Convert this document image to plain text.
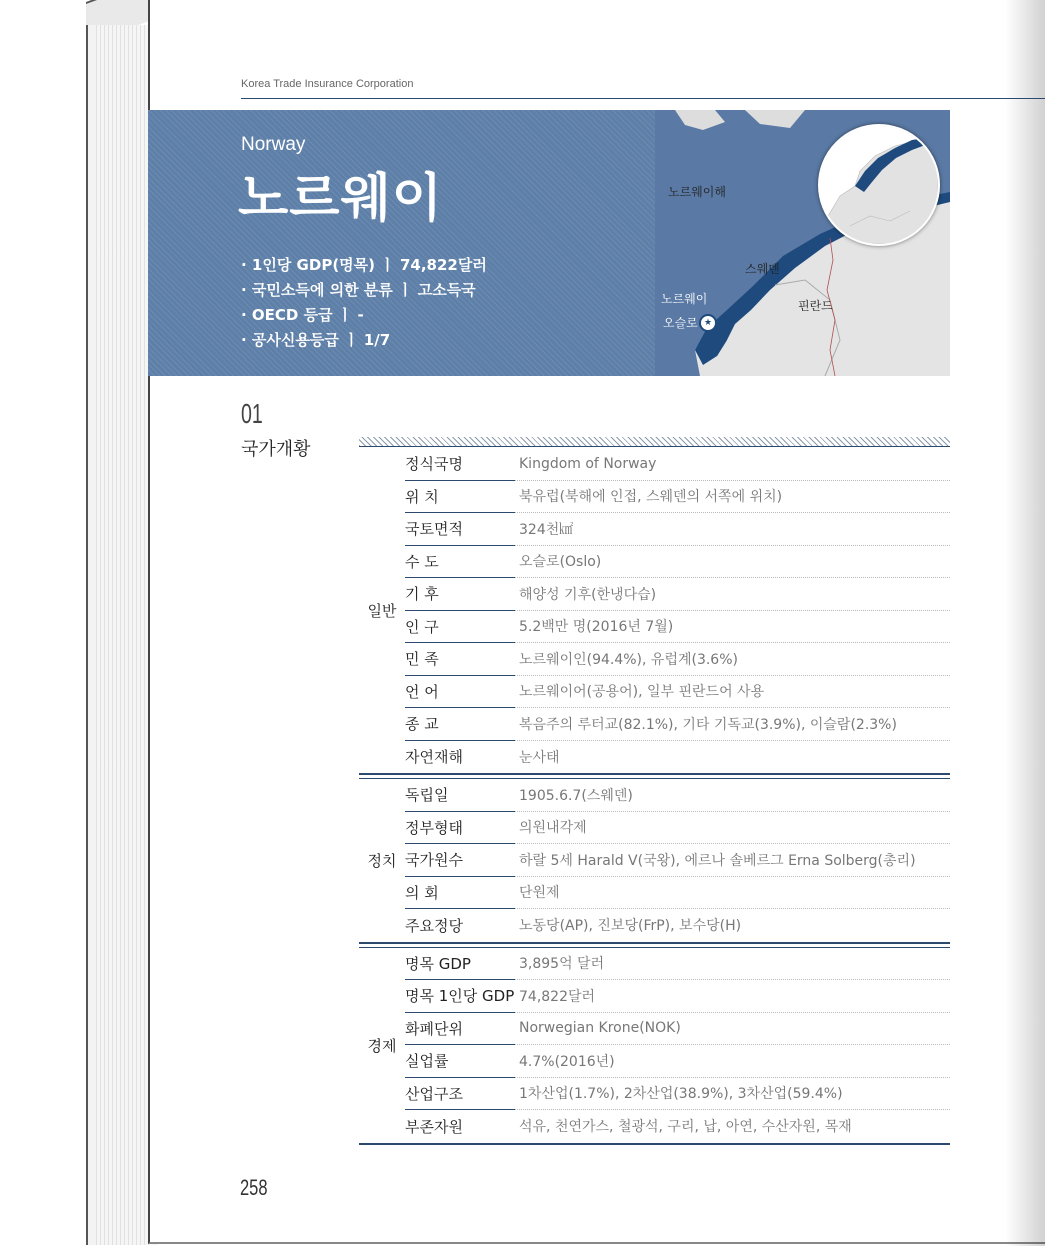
Korea Trade Insurance Corporation
Norway
노르웨이
· 1인당 GDP(명목) ㅣ 74,822달러
· 국민소득에 의한 분류 ㅣ 고소득국
· OECD 등급 ㅣ -
· 공사신용등급 ㅣ 1/7
노르웨이해
스웨덴
노르웨이
오슬로 ★
핀란드
01
국가개황
일반
정식국명	Kingdom of Norway
위 치	북유럽(북해에 인접, 스웨덴의 서쪽에 위치)
국토면적	324천㎢
수 도	오슬로(Oslo)
기 후	해양성 기후(한냉다습)
인 구	5.2백만 명(2016년 7월)
민 족	노르웨이인(94.4%), 유럽계(3.6%)
언 어	노르웨이어(공용어), 일부 핀란드어 사용
종 교	복음주의 루터교(82.1%), 기타 기독교(3.9%), 이슬람(2.3%)
자연재해	눈사태
정치
독립일	1905.6.7(스웨덴)
정부형태	의원내각제
국가원수	하랄 5세 Harald V(국왕), 에르나 솔베르그 Erna Solberg(총리)
의 회	단원제
주요정당	노동당(AP), 진보당(FrP), 보수당(H)
경제
명목 GDP	3,895억 달러
명목 1인당 GDP 74,822달러
화폐단위	Norwegian Krone(NOK)
실업률	4.7%(2016년)
산업구조	1차산업(1.7%), 2차산업(38.9%), 3차산업(59.4%)
부존자원	석유, 천연가스, 철광석, 구리, 납, 아연, 수산자원, 목재
258
